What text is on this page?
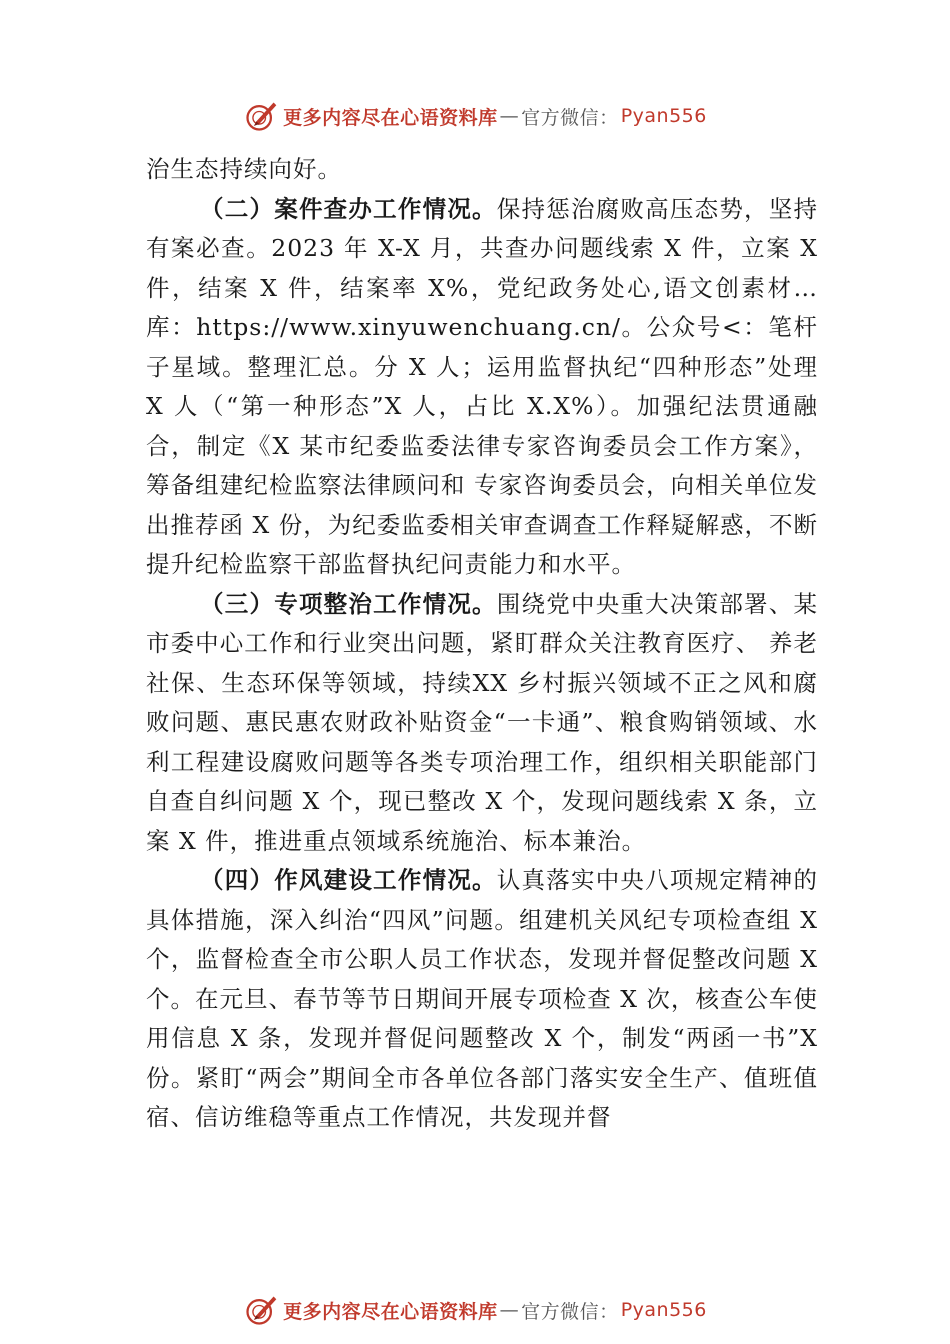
更多内容尽在心语资料库 — 官方微信： Pyan556

治生态持续向好。

（二）案件查办工作情况。保持惩治腐败高压态势，坚持有案必查。2023 年 X-X 月，共查办问题线索 X 件，立案 X 件，结案 X 件，结案率 X%，党纪政务处心,语文创素材…库：https://www.xinyuwenchuang.cn/。公众号<：笔杆子星域。整理汇总。分 X 人；运用监督执纪“四种形态”处理 X 人（“第一种形态”X 人，占比 X.X%）。加强纪法贯通融合，制定《X 某市纪委监委法律专家咨询委员会工作方案》，筹备组建纪检监察法律顾问和 专家咨询委员会，向相关单位发出推荐函 X 份，为纪委监委相关审查调查工作释疑解惑，不断提升纪检监察干部监督执纪问责能力和水平。

（三）专项整治工作情况。围绕党中央重大决策部署、某市委中心工作和行业突出问题，紧盯群众关注教育医疗、 养老社保、生态环保等领域，持续XX 乡村振兴领域不正之风和腐败问题、惠民惠农财政补贴资金“一卡通”、粮食购销领域、水利工程建设腐败问题等各类专项治理工作，组织相关职能部门自查自纠问题 X 个，现已整改 X 个，发现问题线索 X 条，立案 X 件，推进重点领域系统施治、标本兼治。

（四）作风建设工作情况。认真落实中央八项规定精神的具体措施，深入纠治“四风”问题。组建机关风纪专项检查组 X 个，监督检查全市公职人员工作状态，发现并督促整改问题 X 个。在元旦、春节等节日期间开展专项检查 X 次，核查公车使用信息 X 条，发现并督促问题整改 X 个，制发“两函一书”X 份。紧盯“两会”期间全市各单位各部门落实安全生产、值班值宿、信访维稳等重点工作情况，共发现并督

更多内容尽在心语资料库 — 官方微信： Pyan556
